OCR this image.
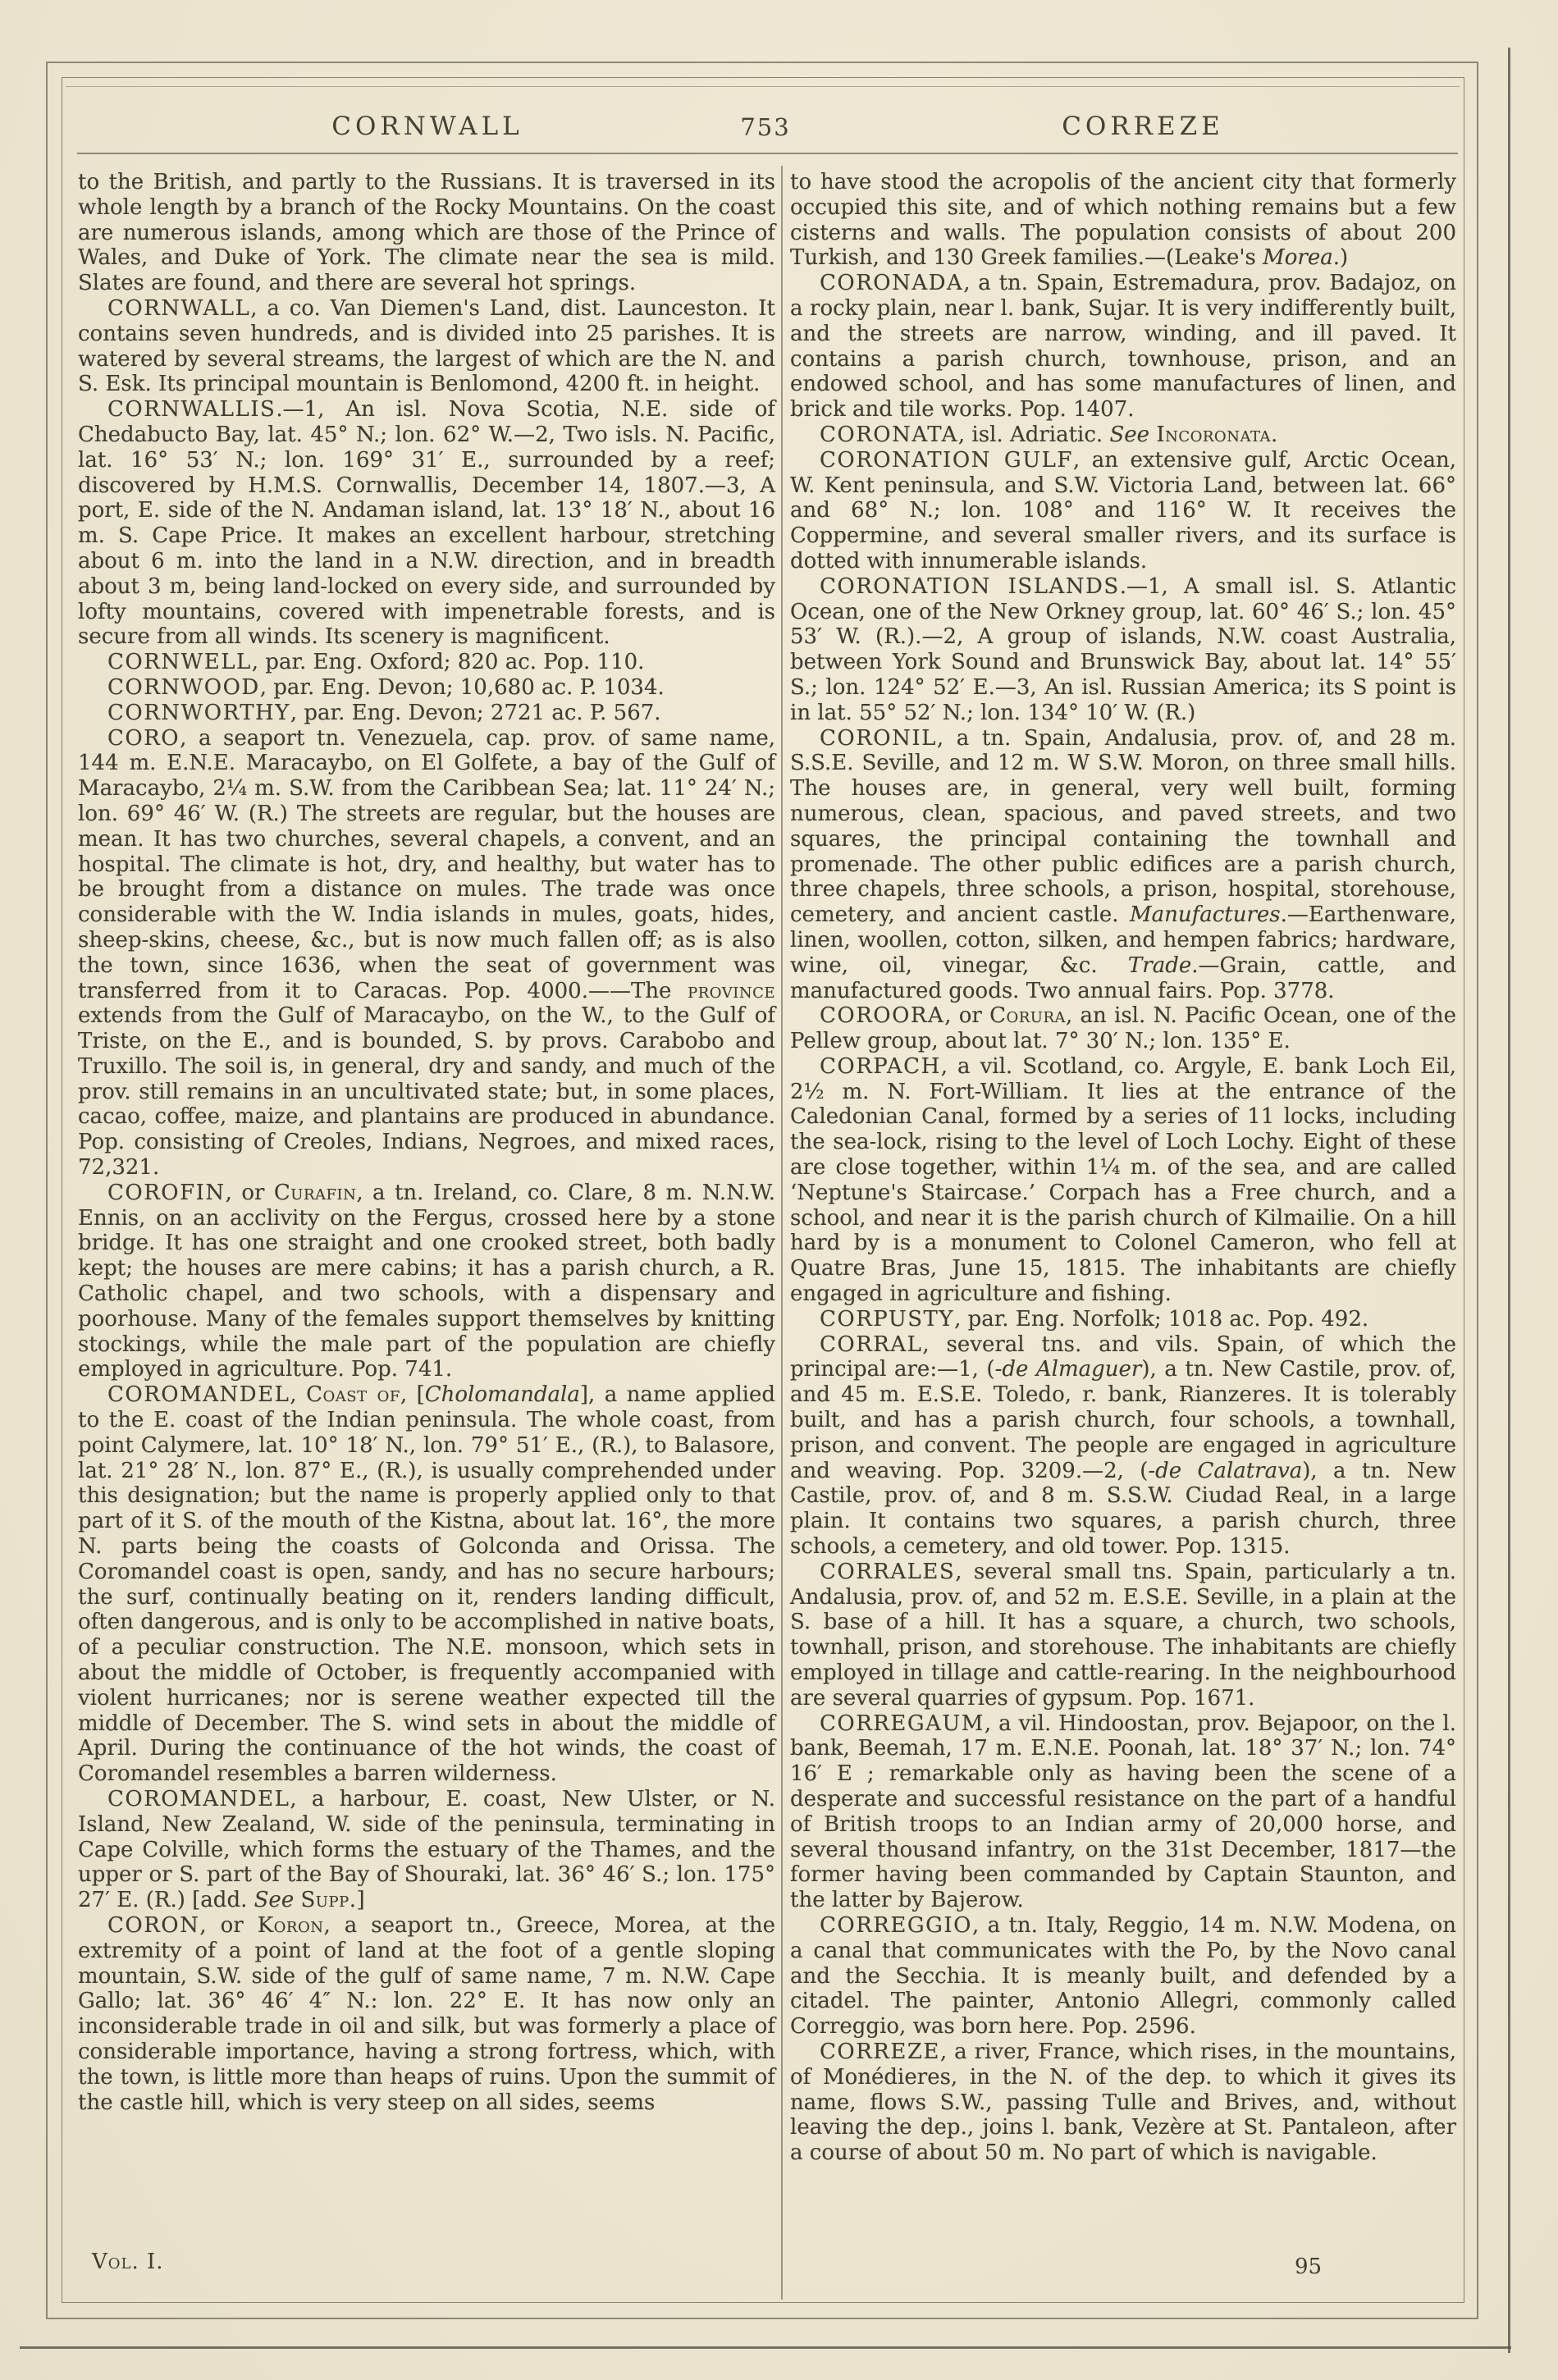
CORNWALL	753	CORREZE

to the British, and partly to the Russians. It is traversed in its whole length by a branch of the Rocky Mountains. On the coast are numerous islands, among which are those of the Prince of Wales, and Duke of York. The climate near the sea is mild. Slates are found, and there are several hot springs.

CORNWALL, a co. Van Diemen's Land, dist. Launceston. It contains seven hundreds, and is divided into 25 parishes. It is watered by several streams, the largest of which are the N. and S. Esk. Its principal mountain is Benlomond, 4200 ft. in height.

CORNWALLIS.—1, An isl. Nova Scotia, N.E. side of Chedabucto Bay, lat. 45° N.; lon. 62° W.—2, Two isls. N. Pacific, lat. 16° 53′ N.; lon. 169° 31′ E., surrounded by a reef; discovered by H.M.S. Cornwallis, December 14, 1807.—3, A port, E. side of the N. Andaman island, lat. 13° 18′ N., about 16 m. S. Cape Price. It makes an excellent harbour, stretching about 6 m. into the land in a N.W. direction, and in breadth about 3 m, being land-locked on every side, and surrounded by lofty mountains, covered with impenetrable forests, and is secure from all winds. Its scenery is magnificent.

CORNWELL, par. Eng. Oxford; 820 ac. Pop. 110.

CORNWOOD, par. Eng. Devon; 10,680 ac. P. 1034.

CORNWORTHY, par. Eng. Devon; 2721 ac. P. 567.

CORO, a seaport tn. Venezuela, cap. prov. of same name, 144 m. E.N.E. Maracaybo, on El Golfete, a bay of the Gulf of Maracaybo, 2¼ m. S.W. from the Caribbean Sea; lat. 11° 24′ N.; lon. 69° 46′ W. (R.) The streets are regular, but the houses are mean. It has two churches, several chapels, a convent, and an hospital. The climate is hot, dry, and healthy, but water has to be brought from a distance on mules. The trade was once considerable with the W. India islands in mules, goats, hides, sheep-skins, cheese, &c., but is now much fallen off; as is also the town, since 1636, when the seat of government was transferred from it to Caracas. Pop. 4000.——The province extends from the Gulf of Maracaybo, on the W., to the Gulf of Triste, on the E., and is bounded, S. by provs. Carabobo and Truxillo. The soil is, in general, dry and sandy, and much of the prov. still remains in an uncultivated state; but, in some places, cacao, coffee, maize, and plantains are produced in abundance. Pop. consisting of Creoles, Indians, Negroes, and mixed races, 72,321.

COROFIN, or Curafin, a tn. Ireland, co. Clare, 8 m. N.N.W. Ennis, on an acclivity on the Fergus, crossed here by a stone bridge. It has one straight and one crooked street, both badly kept; the houses are mere cabins; it has a parish church, a R. Catholic chapel, and two schools, with a dispensary and poorhouse. Many of the females support themselves by knitting stockings, while the male part of the population are chiefly employed in agriculture. Pop. 741.

COROMANDEL, Coast of, [Cholomandala], a name applied to the E. coast of the Indian peninsula. The whole coast, from point Calymere, lat. 10° 18′ N., lon. 79° 51′ E., (R.), to Balasore, lat. 21° 28′ N., lon. 87° E., (R.), is usually comprehended under this designation; but the name is properly applied only to that part of it S. of the mouth of the Kistna, about lat. 16°, the more N. parts being the coasts of Golconda and Orissa. The Coromandel coast is open, sandy, and has no secure harbours; the surf, continually beating on it, renders landing difficult, often dangerous, and is only to be accomplished in native boats, of a peculiar construction. The N.E. monsoon, which sets in about the middle of October, is frequently accompanied with violent hurricanes; nor is serene weather expected till the middle of December. The S. wind sets in about the middle of April. During the continuance of the hot winds, the coast of Coromandel resembles a barren wilderness.

COROMANDEL, a harbour, E. coast, New Ulster, or N. Island, New Zealand, W. side of the peninsula, terminating in Cape Colville, which forms the estuary of the Thames, and the upper or S. part of the Bay of Shouraki, lat. 36° 46′ S.; lon. 175° 27′ E. (R.) [add. See Supp.]

CORON, or Koron, a seaport tn., Greece, Morea, at the extremity of a point of land at the foot of a gentle sloping mountain, S.W. side of the gulf of same name, 7 m. N.W. Cape Gallo; lat. 36° 46′ 4″ N.: lon. 22° E. It has now only an inconsiderable trade in oil and silk, but was formerly a place of considerable importance, having a strong fortress, which, with the town, is little more than heaps of ruins. Upon the summit of the castle hill, which is very steep on all sides, seems

to have stood the acropolis of the ancient city that formerly occupied this site, and of which nothing remains but a few cisterns and walls. The population consists of about 200 Turkish, and 130 Greek families.—(Leake's Morea.)

CORONADA, a tn. Spain, Estremadura, prov. Badajoz, on a rocky plain, near l. bank, Sujar. It is very indifferently built, and the streets are narrow, winding, and ill paved. It contains a parish church, townhouse, prison, and an endowed school, and has some manufactures of linen, and brick and tile works. Pop. 1407.

CORONATA, isl. Adriatic. See Incoronata.

CORONATION GULF, an extensive gulf, Arctic Ocean, W. Kent peninsula, and S.W. Victoria Land, between lat. 66° and 68° N.; lon. 108° and 116° W. It receives the Coppermine, and several smaller rivers, and its surface is dotted with innumerable islands.

CORONATION ISLANDS.—1, A small isl. S. Atlantic Ocean, one of the New Orkney group, lat. 60° 46′ S.; lon. 45° 53′ W. (R.).—2, A group of islands, N.W. coast Australia, between York Sound and Brunswick Bay, about lat. 14° 55′ S.; lon. 124° 52′ E.—3, An isl. Russian America; its S point is in lat. 55° 52′ N.; lon. 134° 10′ W. (R.)

CORONIL, a tn. Spain, Andalusia, prov. of, and 28 m. S.S.E. Seville, and 12 m. W S.W. Moron, on three small hills. The houses are, in general, very well built, forming numerous, clean, spacious, and paved streets, and two squares, the principal containing the townhall and promenade. The other public edifices are a parish church, three chapels, three schools, a prison, hospital, storehouse, cemetery, and ancient castle. Manufactures.—Earthenware, linen, woollen, cotton, silken, and hempen fabrics; hardware, wine, oil, vinegar, &c. Trade.—Grain, cattle, and manufactured goods. Two annual fairs. Pop. 3778.

COROORA, or Corura, an isl. N. Pacific Ocean, one of the Pellew group, about lat. 7° 30′ N.; lon. 135° E.

CORPACH, a vil. Scotland, co. Argyle, E. bank Loch Eil, 2½ m. N. Fort-William. It lies at the entrance of the Caledonian Canal, formed by a series of 11 locks, including the sea-lock, rising to the level of Loch Lochy. Eight of these are close together, within 1¼ m. of the sea, and are called ‘Neptune's Staircase.’ Corpach has a Free church, and a school, and near it is the parish church of Kilmailie. On a hill hard by is a monument to Colonel Cameron, who fell at Quatre Bras, June 15, 1815. The inhabitants are chiefly engaged in agriculture and fishing.

CORPUSTY, par. Eng. Norfolk; 1018 ac. Pop. 492.

CORRAL, several tns. and vils. Spain, of which the principal are:—1, (-de Almaguer), a tn. New Castile, prov. of, and 45 m. E.S.E. Toledo, r. bank, Rianzeres. It is tolerably built, and has a parish church, four schools, a townhall, prison, and convent. The people are engaged in agriculture and weaving. Pop. 3209.—2, (-de Calatrava), a tn. New Castile, prov. of, and 8 m. S.S.W. Ciudad Real, in a large plain. It contains two squares, a parish church, three schools, a cemetery, and old tower. Pop. 1315.

CORRALES, several small tns. Spain, particularly a tn. Andalusia, prov. of, and 52 m. E.S.E. Seville, in a plain at the S. base of a hill. It has a square, a church, two schools, townhall, prison, and storehouse. The inhabitants are chiefly employed in tillage and cattle-rearing. In the neighbourhood are several quarries of gypsum. Pop. 1671.

CORREGAUM, a vil. Hindoostan, prov. Bejapoor, on the l. bank, Beemah, 17 m. E.N.E. Poonah, lat. 18° 37′ N.; lon. 74° 16′ E ; remarkable only as having been the scene of a desperate and successful resistance on the part of a handful of British troops to an Indian army of 20,000 horse, and several thousand infantry, on the 31st December, 1817—the former having been commanded by Captain Staunton, and the latter by Bajerow.

CORREGGIO, a tn. Italy, Reggio, 14 m. N.W. Modena, on a canal that communicates with the Po, by the Novo canal and the Secchia. It is meanly built, and defended by a citadel. The painter, Antonio Allegri, commonly called Correggio, was born here. Pop. 2596.

CORREZE, a river, France, which rises, in the mountains, of Monédieres, in the N. of the dep. to which it gives its name, flows S.W., passing Tulle and Brives, and, without leaving the dep., joins l. bank, Vezère at St. Pantaleon, after a course of about 50 m. No part of which is navigable.

Vol. I.	95
